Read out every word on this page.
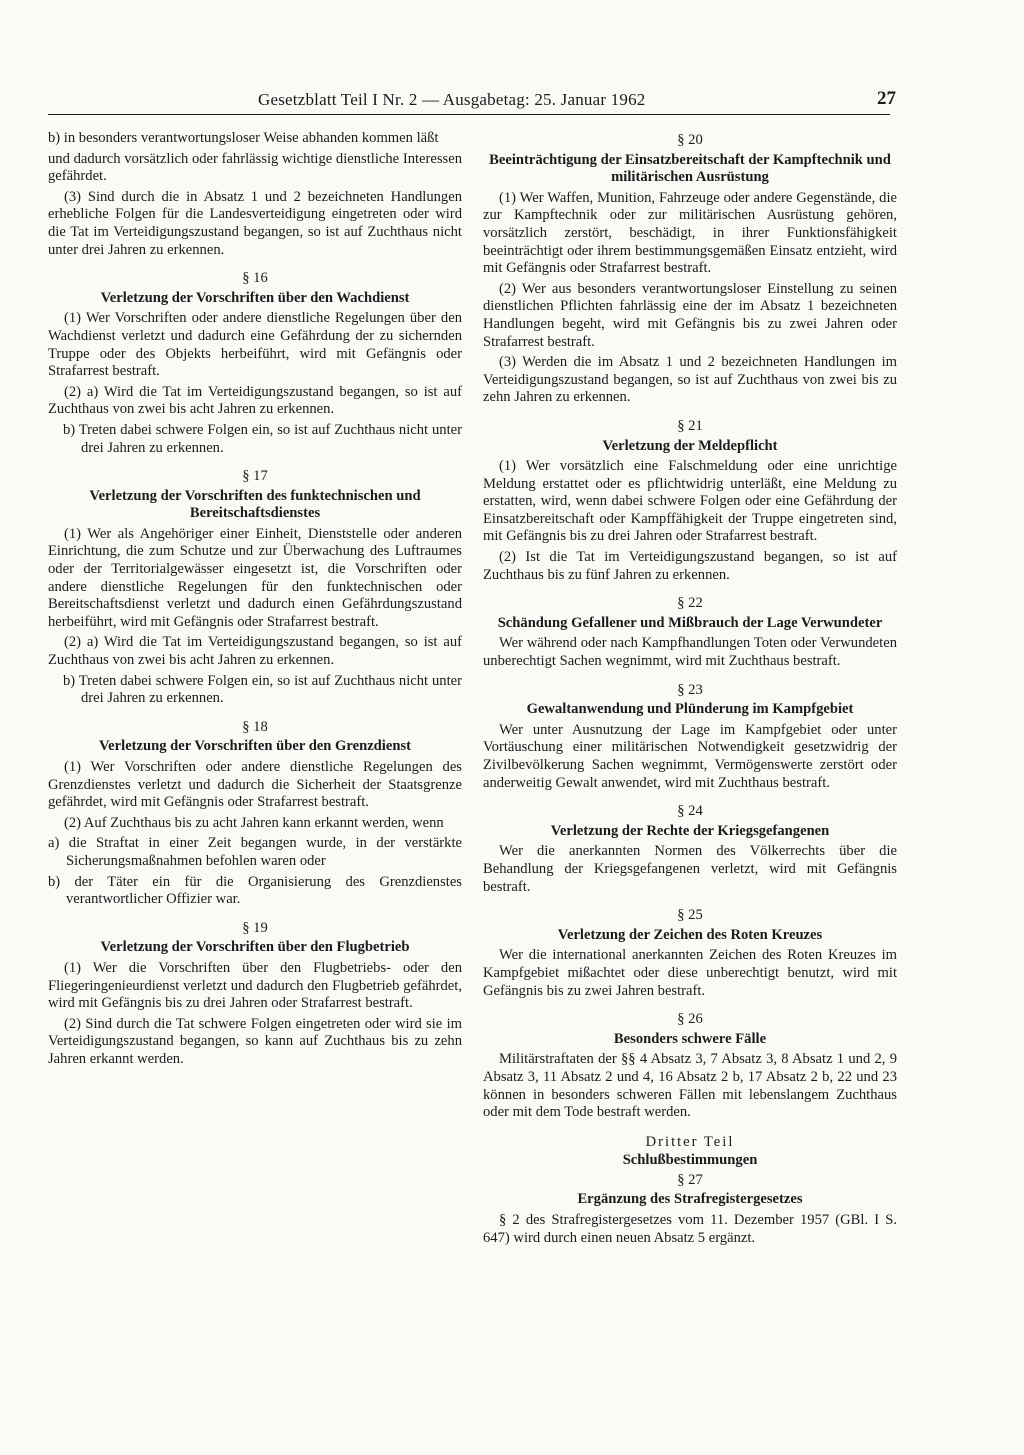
Gesetzblatt Teil I Nr. 2 — Ausgabetag: 25. Januar 1962	27

b) in besonders verantwortungsloser Weise abhanden kommen läßt

und dadurch vorsätzlich oder fahrlässig wichtige dienstliche Interessen gefährdet.

(3) Sind durch die in Absatz 1 und 2 bezeichneten Handlungen erhebliche Folgen für die Landesverteidigung eingetreten oder wird die Tat im Verteidigungszustand begangen, so ist auf Zuchthaus nicht unter drei Jahren zu erkennen.

§ 16
Verletzung der Vorschriften über den Wachdienst

(1) Wer Vorschriften oder andere dienstliche Regelungen über den Wachdienst verletzt und dadurch eine Gefährdung der zu sichernden Truppe oder des Objekts herbeiführt, wird mit Gefängnis oder Strafarrest bestraft.

(2) a) Wird die Tat im Verteidigungszustand begangen, so ist auf Zuchthaus von zwei bis acht Jahren zu erkennen.

b) Treten dabei schwere Folgen ein, so ist auf Zuchthaus nicht unter drei Jahren zu erkennen.

§ 17
Verletzung der Vorschriften des funktechnischen und Bereitschaftsdienstes

(1) Wer als Angehöriger einer Einheit, Dienststelle oder anderen Einrichtung, die zum Schutze und zur Überwachung des Luftraumes oder der Territorialgewässer eingesetzt ist, die Vorschriften oder andere dienstliche Regelungen für den funktechnischen oder Bereitschaftsdienst verletzt und dadurch einen Gefährdungszustand herbeiführt, wird mit Gefängnis oder Strafarrest bestraft.

(2) a) Wird die Tat im Verteidigungszustand begangen, so ist auf Zuchthaus von zwei bis acht Jahren zu erkennen.

b) Treten dabei schwere Folgen ein, so ist auf Zuchthaus nicht unter drei Jahren zu erkennen.

§ 18
Verletzung der Vorschriften über den Grenzdienst

(1) Wer Vorschriften oder andere dienstliche Regelungen des Grenzdienstes verletzt und dadurch die Sicherheit der Staatsgrenze gefährdet, wird mit Gefängnis oder Strafarrest bestraft.

(2) Auf Zuchthaus bis zu acht Jahren kann erkannt werden, wenn

a) die Straftat in einer Zeit begangen wurde, in der verstärkte Sicherungsmaßnahmen befohlen waren oder

b) der Täter ein für die Organisierung des Grenzdienstes verantwortlicher Offizier war.

§ 19
Verletzung der Vorschriften über den Flugbetrieb

(1) Wer die Vorschriften über den Flugbetriebs- oder den Fliegeringenieurdienst verletzt und dadurch den Flugbetrieb gefährdet, wird mit Gefängnis bis zu drei Jahren oder Strafarrest bestraft.

(2) Sind durch die Tat schwere Folgen eingetreten oder wird sie im Verteidigungszustand begangen, so kann auf Zuchthaus bis zu zehn Jahren erkannt werden.

§ 20
Beeinträchtigung der Einsatzbereitschaft der Kampftechnik und militärischen Ausrüstung

(1) Wer Waffen, Munition, Fahrzeuge oder andere Gegenstände, die zur Kampftechnik oder zur militärischen Ausrüstung gehören, vorsätzlich zerstört, beschädigt, in ihrer Funktionsfähigkeit beeinträchtigt oder ihrem bestimmungsgemäßen Einsatz entzieht, wird mit Gefängnis oder Strafarrest bestraft.

(2) Wer aus besonders verantwortungsloser Einstellung zu seinen dienstlichen Pflichten fahrlässig eine der im Absatz 1 bezeichneten Handlungen begeht, wird mit Gefängnis bis zu zwei Jahren oder Strafarrest bestraft.

(3) Werden die im Absatz 1 und 2 bezeichneten Handlungen im Verteidigungszustand begangen, so ist auf Zuchthaus von zwei bis zu zehn Jahren zu erkennen.

§ 21
Verletzung der Meldepflicht

(1) Wer vorsätzlich eine Falschmeldung oder eine unrichtige Meldung erstattet oder es pflichtwidrig unterläßt, eine Meldung zu erstatten, wird, wenn dabei schwere Folgen oder eine Gefährdung der Einsatzbereitschaft oder Kampffähigkeit der Truppe eingetreten sind, mit Gefängnis bis zu drei Jahren oder Strafarrest bestraft.

(2) Ist die Tat im Verteidigungszustand begangen, so ist auf Zuchthaus bis zu fünf Jahren zu erkennen.

§ 22
Schändung Gefallener und Mißbrauch der Lage Verwundeter

Wer während oder nach Kampfhandlungen Toten oder Verwundeten unberechtigt Sachen wegnimmt, wird mit Zuchthaus bestraft.

§ 23
Gewaltanwendung und Plünderung im Kampfgebiet

Wer unter Ausnutzung der Lage im Kampfgebiet oder unter Vortäuschung einer militärischen Notwendigkeit gesetzwidrig der Zivilbevölkerung Sachen wegnimmt, Vermögenswerte zerstört oder anderweitig Gewalt anwendet, wird mit Zuchthaus bestraft.

§ 24
Verletzung der Rechte der Kriegsgefangenen

Wer die anerkannten Normen des Völkerrechts über die Behandlung der Kriegsgefangenen verletzt, wird mit Gefängnis bestraft.

§ 25
Verletzung der Zeichen des Roten Kreuzes

Wer die international anerkannten Zeichen des Roten Kreuzes im Kampfgebiet mißachtet oder diese unberechtigt benutzt, wird mit Gefängnis bis zu zwei Jahren bestraft.

§ 26
Besonders schwere Fälle

Militärstraftaten der §§ 4 Absatz 3, 7 Absatz 3, 8 Absatz 1 und 2, 9 Absatz 3, 11 Absatz 2 und 4, 16 Absatz 2 b, 17 Absatz 2 b, 22 und 23 können in besonders schweren Fällen mit lebenslangem Zuchthaus oder mit dem Tode bestraft werden.

Dritter Teil
Schlußbestimmungen
§ 27
Ergänzung des Strafregistergesetzes

§ 2 des Strafregistergesetzes vom 11. Dezember 1957 (GBl. I S. 647) wird durch einen neuen Absatz 5 ergänzt.
